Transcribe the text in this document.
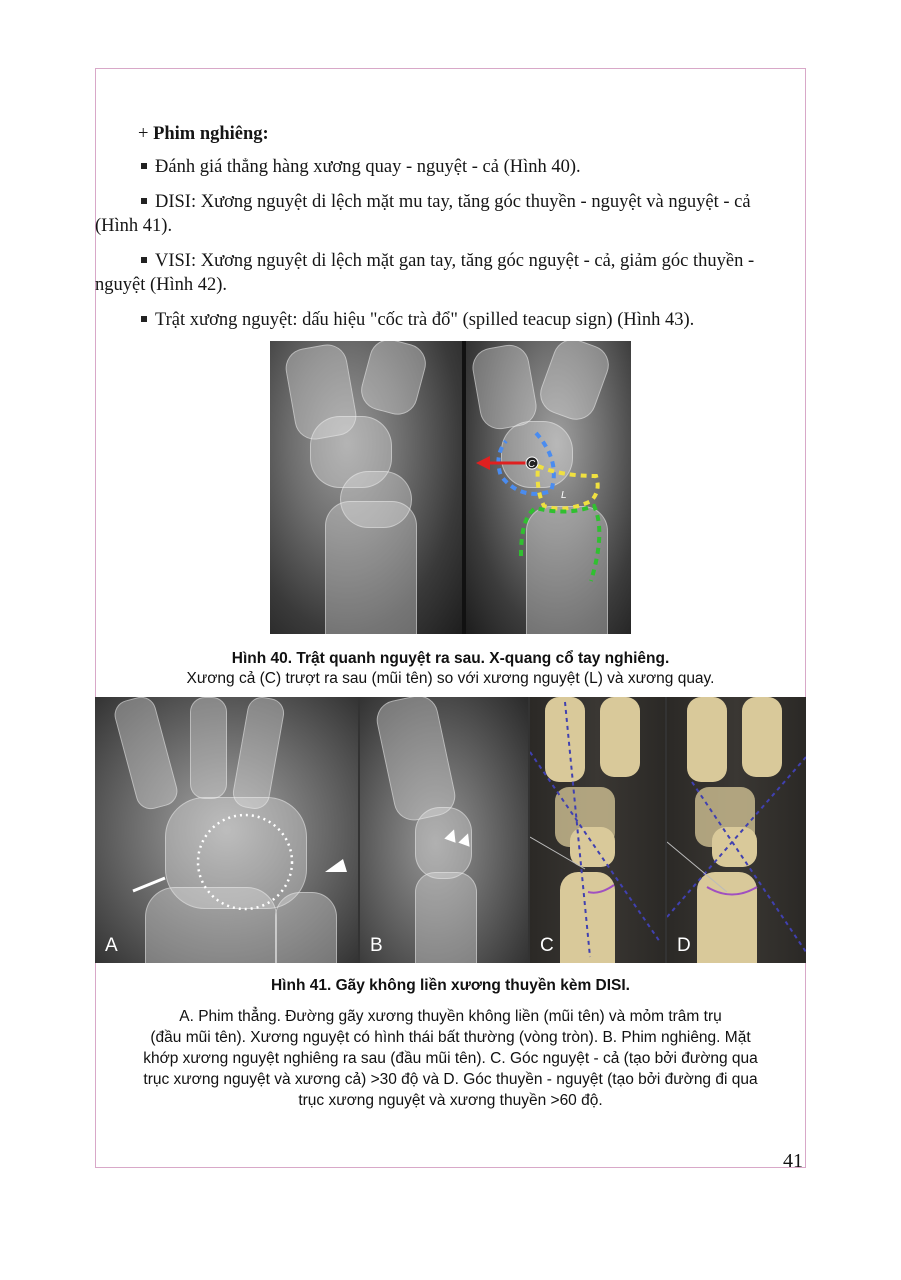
+ Phim nghiêng:
Đánh giá thẳng hàng xương quay - nguyệt - cả (Hình 40).
DISI: Xương nguyệt di lệch mặt mu tay, tăng góc thuyền - nguyệt và nguyệt - cả
(Hình 41).
VISI: Xương nguyệt di lệch mặt gan tay, tăng góc nguyệt - cả, giảm góc thuyền -
nguyệt (Hình 42).
Trật xương nguyệt: dấu hiệu "cốc trà đổ" (spilled teacup sign) (Hình 43).
C
L
Hình 40. Trật quanh nguyệt ra sau. X-quang cổ tay nghiêng.
Xương cả (C) trượt ra sau (mũi tên) so với xương nguyệt (L) và xương quay.
A	B	C	D
Hình 41. Gãy không liền xương thuyền kèm DISI.
A. Phim thẳng. Đường gãy xương thuyền không liền (mũi tên) và mỏm trâm trụ
(đầu mũi tên). Xương nguyệt có hình thái bất thường (vòng tròn). B. Phim nghiêng. Mặt
khớp xương nguyệt nghiêng ra sau (đầu mũi tên). C. Góc nguyệt - cả (tạo bởi đường qua
trục xương nguyệt và xương cả) >30 độ và D. Góc thuyền - nguyệt (tạo bởi đường đi qua
trục xương nguyệt và xương thuyền >60 độ.
41
